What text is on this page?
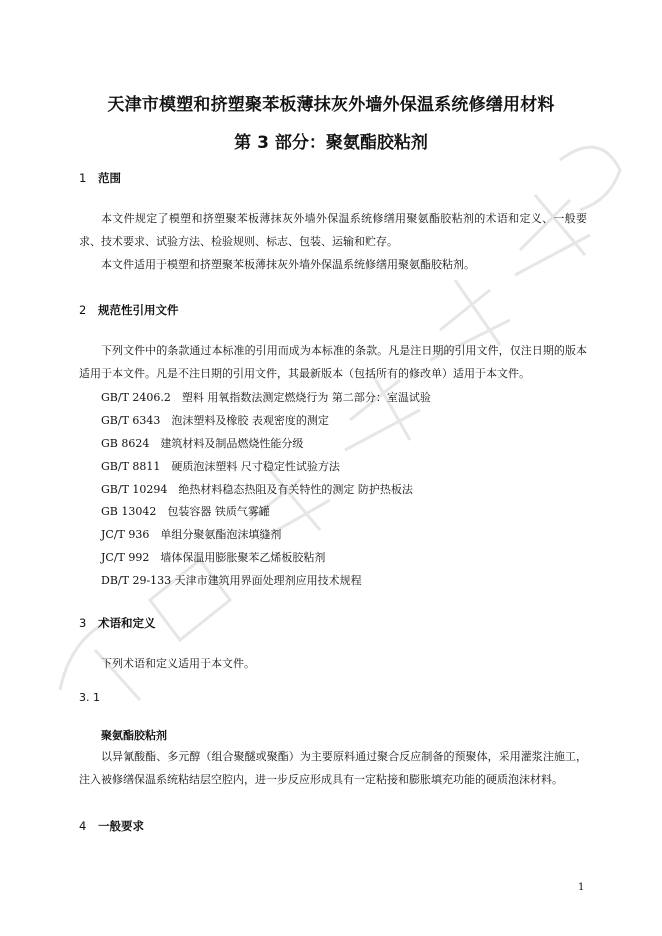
天津市模塑和挤塑聚苯板薄抹灰外墙外保温系统修缮用材料
第 3 部分：聚氨酯胶粘剂
1 范围
本文件规定了模塑和挤塑聚苯板薄抹灰外墙外保温系统修缮用聚氨酯胶粘剂的术语和定义、一般要求、技术要求、试验方法、检验规则、标志、包装、运输和贮存。
本文件适用于模塑和挤塑聚苯板薄抹灰外墙外保温系统修缮用聚氨酯胶粘剂。
2 规范性引用文件
下列文件中的条款通过本标准的引用而成为本标准的条款。凡是注日期的引用文件，仅注日期的版本适用于本文件。凡是不注日期的引用文件，其最新版本（包括所有的修改单）适用于本文件。
GB/T 2406.2　塑料 用氧指数法测定燃烧行为 第二部分：室温试验
GB/T 6343　泡沫塑料及橡胶 表观密度的测定
GB 8624　建筑材料及制品燃烧性能分级
GB/T 8811　硬质泡沫塑料 尺寸稳定性试验方法
GB/T 10294　绝热材料稳态热阻及有关特性的测定 防护热板法
GB 13042　包装容器 铁质气雾罐
JC/T 936　单组分聚氨酯泡沫填缝剂
JC/T 992　墙体保温用膨胀聚苯乙烯板胶粘剂
DB/T 29-133 天津市建筑用界面处理剂应用技术规程
3 术语和定义
下列术语和定义适用于本文件。
3. 1
聚氨酯胶粘剂
以异氰酸酯、多元醇（组合聚醚或聚酯）为主要原料通过聚合反应制备的预聚体，采用灌浆注施工，注入被修缮保温系统粘结层空腔内，进一步反应形成具有一定粘接和膨胀填充功能的硬质泡沫材料。
4 一般要求
1
